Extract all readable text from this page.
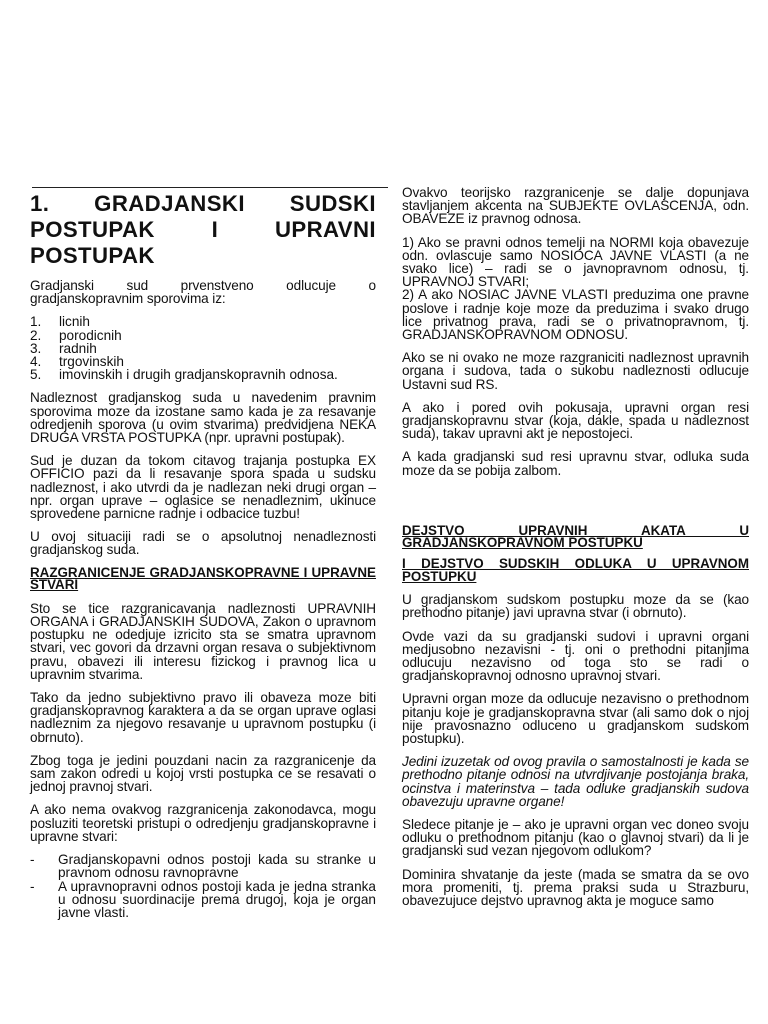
1. GRADJANSKI SUDSKI
POSTUPAK I UPRAVNI
POSTUPAK

Gradjanski sud prvenstveno odlucuje o gradjanskopravnim sporovima iz:

1.	licnih
2.	porodicnih
3.	radnih
4.	trgovinskih
5.	imovinskih i drugih gradjanskopravnih odnosa.

Nadleznost gradjanskog suda u navedenim pravnim sporovima moze da izostane samo kada je za resavanje odredjenih sporova (u ovim stvarima) predvidjena NEKA DRUGA VRSTA POSTUPKA (npr. upravni postupak).

Sud je duzan da tokom citavog trajanja postupka EX OFFICIO pazi da li resavanje spora spada u sudsku nadleznost, i ako utvrdi da je nadlezan neki drugi organ – npr. organ uprave – oglasice se nenadleznim, ukinuce sprovedene parnicne radnje i odbacice tuzbu!

U ovoj situaciji radi se o apsolutnoj nenadleznosti gradjanskog suda.

RAZGRANICENJE GRADJANSKOPRAVNE I UPRAVNE STVARI

Sto se tice razgranicavanja nadleznosti UPRAVNIH ORGANA i GRADJANSKIH SUDOVA, Zakon o upravnom postupku ne odedjuje izricito sta se smatra upravnom stvari, vec govori da drzavni organ resava o subjektivnom pravu, obavezi ili interesu fizickog i pravnog lica u upravnim stvarima.

Tako da jedno subjektivno pravo ili obaveza moze biti gradjanskopravnog karaktera a da se organ uprave oglasi nadleznim za njegovo resavanje u upravnom postupku (i obrnuto).

Zbog toga je jedini pouzdani nacin za razgranicenje da sam zakon odredi u kojoj vrsti postupka ce se resavati o jednoj pravnoj stvari.

A ako nema ovakvog razgranicenja zakonodavca, mogu posluziti teoretski pristupi o odredjenju gradjanskopravne i upravne stvari:

-	Gradjanskopavni odnos postoji kada su stranke u pravnom odnosu ravnopravne
-	A upravnopravni odnos postoji kada je jedna stranka u odnosu suordinacije prema drugoj, koja je organ javne vlasti.

Ovakvo teorijsko razgranicenje se dalje dopunjava stavljanjem akcenta na SUBJEKTE OVLASCENJA, odn. OBAVEZE iz pravnog odnosa.

1) Ako se pravni odnos temelji na NORMI koja obavezuje odn. ovlascuje samo NOSIOCA JAVNE VLASTI (a ne svako lice) – radi se o javnopravnom odnosu, tj. UPRAVNOJ STVARI;

2) A ako NOSIAC JAVNE VLASTI preduzima one pravne poslove i radnje koje moze da preduzima i svako drugo lice privatnog prava, radi se o privatnopravnom, tj. GRADJANSKOPRAVNOM ODNOSU.

Ako se ni ovako ne moze razgraniciti nadleznost upravnih organa i sudova, tada o sukobu nadleznosti odlucuje Ustavni sud RS.

A ako i pored ovih pokusaja, upravni organ resi gradjanskopravnu stvar (koja, dakle, spada u nadleznost suda), takav upravni akt je nepostojeci.

A kada gradjanski sud resi upravnu stvar, odluka suda moze da se pobija zalbom.

DEJSTVO UPRAVNIH AKATA U GRADJANSKOPRAVNOM POSTUPKU
I DEJSTVO SUDSKIH ODLUKA U UPRAVNOM POSTUPKU

U gradjanskom sudskom postupku moze da se (kao prethodno pitanje) javi upravna stvar (i obrnuto).

Ovde vazi da su gradjanski sudovi i upravni organi medjusobno nezavisni - tj. oni o prethodni pitanjima odlucuju nezavisno od toga sto se radi o gradjanskopravnoj odnosno upravnoj stvari.

Upravni organ moze da odlucuje nezavisno o prethodnom pitanju koje je gradjanskopravna stvar (ali samo dok o njoj nije pravosnazno odluceno u gradjanskom sudskom postupku).

Jedini izuzetak od ovog pravila o samostalnosti je kada se prethodno pitanje odnosi na utvrdjivanje postojanja braka, ocinstva i materinstva – tada odluke gradjanskih sudova obavezuju upravne organe!

Sledece pitanje je – ako je upravni organ vec doneo svoju odluku o prethodnom pitanju (kao o glavnoj stvari) da li je gradjanski sud vezan njegovom odlukom?

Dominira shvatanje da jeste (mada se smatra da se ovo mora promeniti, tj. prema praksi suda u Strazburu, obavezujuce dejstvo upravnog akta je moguce samo
